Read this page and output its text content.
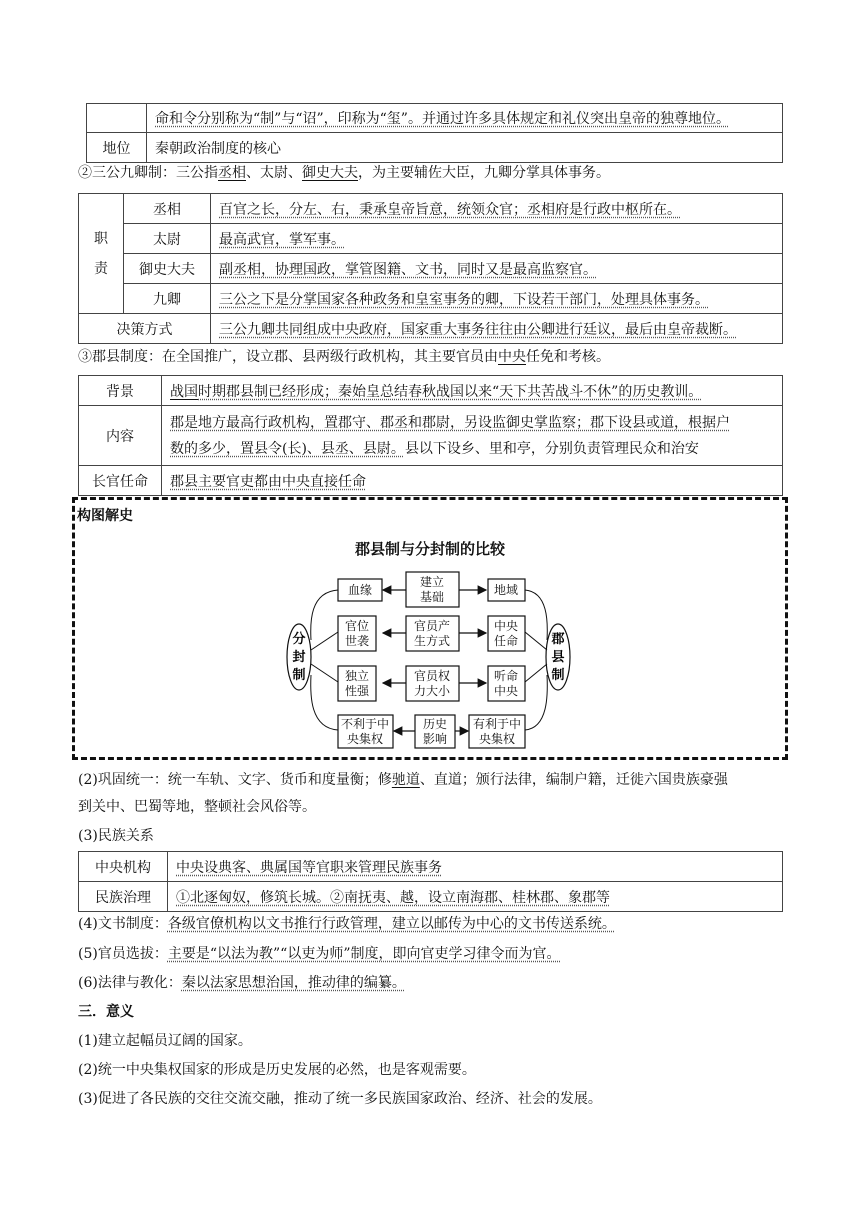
	命和令分别称为“制”与“诏”，印称为“玺”。并通过许多具体规定和礼仪突出皇帝的独尊地位。
地位	秦朝政治制度的核心
②三公九卿制：三公指丞相、太尉、御史大夫，为主要辅佐大臣，九卿分掌具体事务。
职责	丞相	百官之长，分左、右，秉承皇帝旨意，统领众官；丞相府是行政中枢所在。
	太尉	最高武官，掌军事。
	御史大夫	副丞相，协理国政，掌管图籍、文书，同时又是最高监察官。
	九卿	三公之下是分掌国家各种政务和皇室事务的卿，下设若干部门，处理具体事务。
决策方式		三公九卿共同组成中央政府，国家重大事务往往由公卿进行廷议，最后由皇帝裁断。
③郡县制度：在全国推广，设立郡、县两级行政机构，其主要官员由中央任免和考核。
背景	战国时期郡县制已经形成；秦始皇总结春秋战国以来“天下共苦战斗不休”的历史教训。
内容	郡是地方最高行政机构，置郡守、郡丞和郡尉，另设监御史掌监察；郡下设县或道，根据户
数的多少，置县令(长)、县丞、县尉。县以下设乡、里和亭，分别负责管理民众和治安

长官任命	郡县主要官吏都由中央直接任命
构图解史
郡县制与分封制的比较
分
封
制
郡
县
制
建立
基础
官员产
生方式
官员权
力大小
历史
影响
血缘
官位
世袭
独立
性强
不利于中
央集权
地域
中央
任命
听命
中央
有利于中
央集权
(2)巩固统一：统一车轨、文字、货币和度量衡；修驰道、直道；颁行法律，编制户籍，迁徙六国贵族豪强
到关中、巴蜀等地，整顿社会风俗等。
(3)民族关系
中央机构	中央设典客、典属国等官职来管理民族事务
民族治理	①北逐匈奴，修筑长城。②南抚夷、越，设立南海郡、桂林郡、象郡等
(4)文书制度：各级官僚机构以文书推行行政管理，建立以邮传为中心的文书传送系统。
(5)官员选拔：主要是“以法为教”“以吏为师”制度，即向官吏学习律令而为官。
(6)法律与教化：秦以法家思想治国，推动律的编纂。
三．意义
(1)建立起幅员辽阔的国家。
(2)统一中央集权国家的形成是历史发展的必然，也是客观需要。
(3)促进了各民族的交往交流交融，推动了统一多民族国家政治、经济、社会的发展。
